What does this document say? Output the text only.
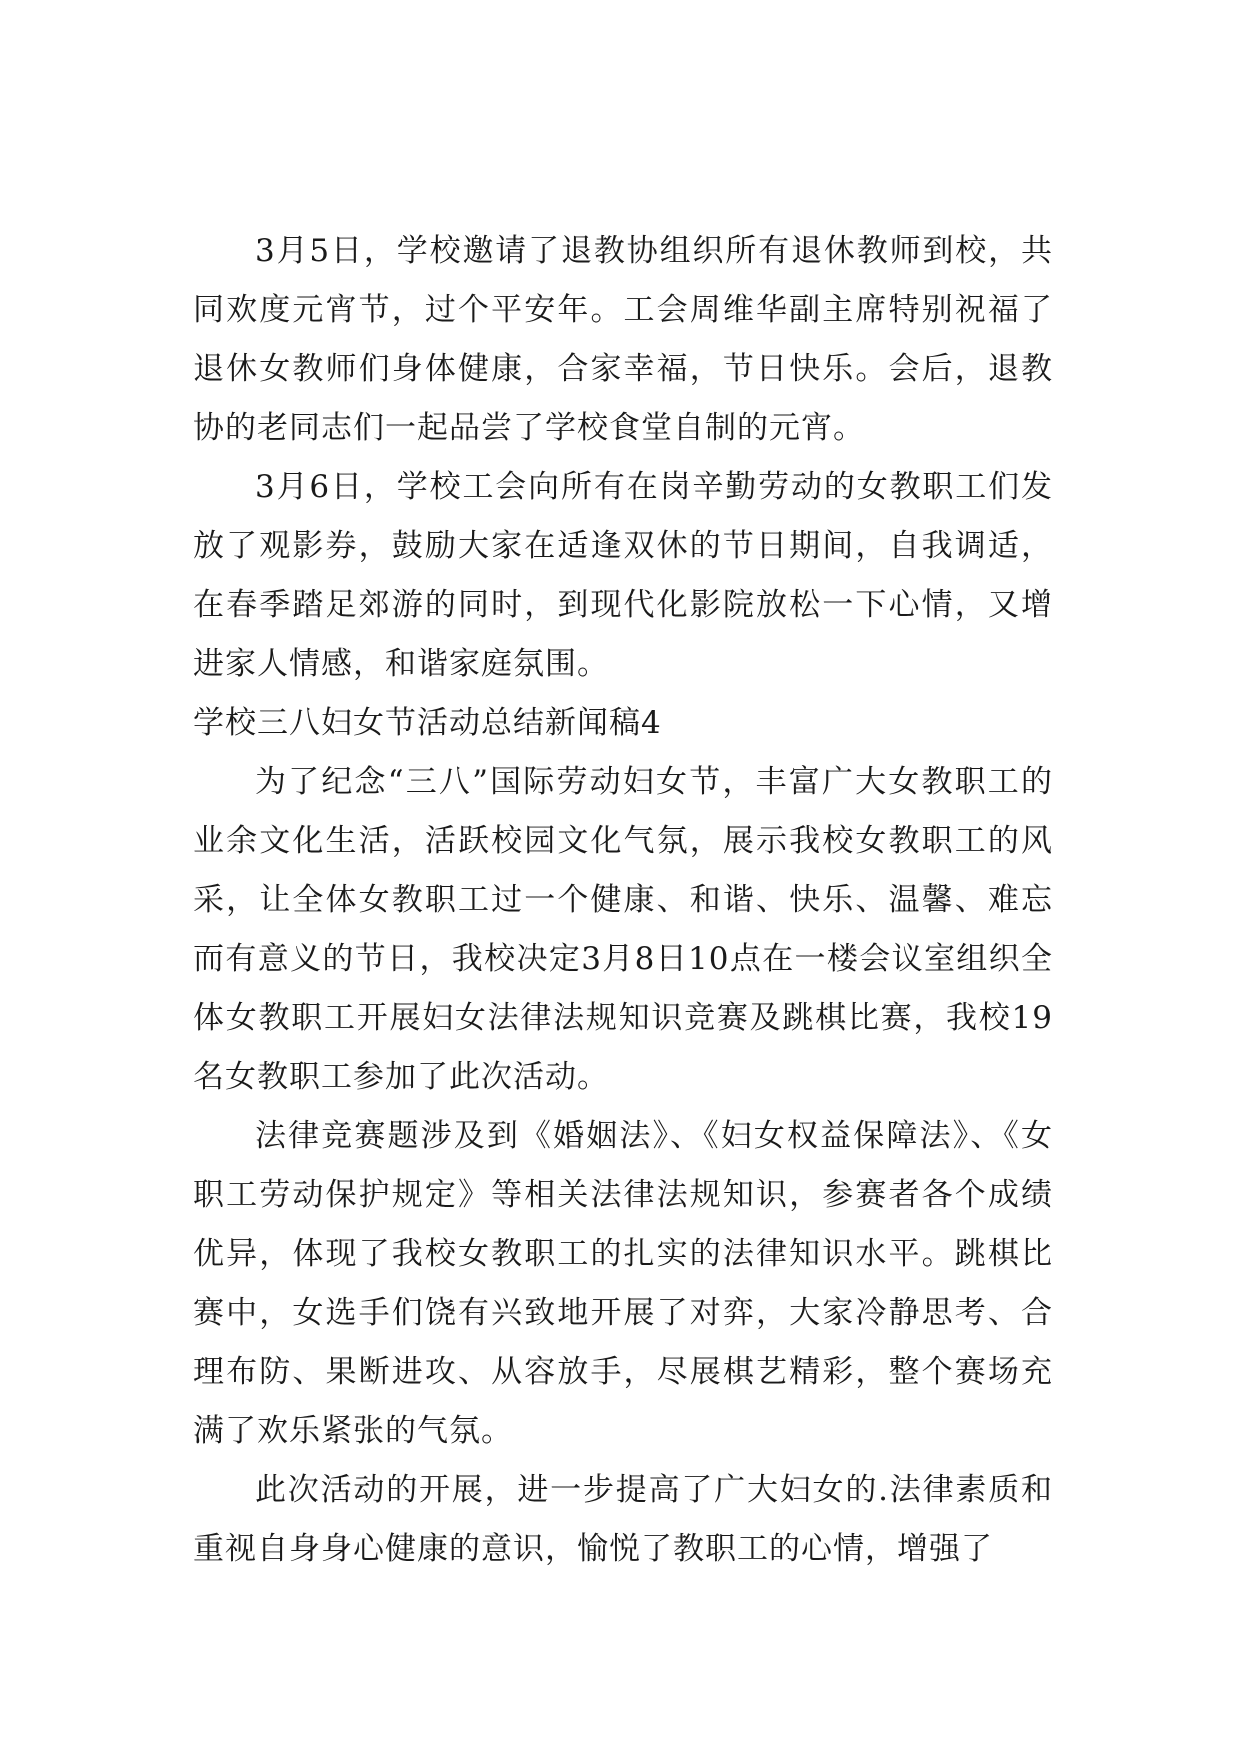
3月5日，学校邀请了退教协组织所有退休教师到校，共同欢度元宵节，过个平安年。工会周维华副主席特别祝福了退休女教师们身体健康，合家幸福，节日快乐。会后，退教协的老同志们一起品尝了学校食堂自制的元宵。

3月6日，学校工会向所有在岗辛勤劳动的女教职工们发放了观影券，鼓励大家在适逢双休的节日期间，自我调适，在春季踏足郊游的同时，到现代化影院放松一下心情，又增进家人情感，和谐家庭氛围。

学校三八妇女节活动总结新闻稿4

为了纪念“三八”国际劳动妇女节，丰富广大女教职工的业余文化生活，活跃校园文化气氛，展示我校女教职工的风采，让全体女教职工过一个健康、和谐、快乐、温馨、难忘而有意义的节日，我校决定3月8日10点在一楼会议室组织全体女教职工开展妇女法律法规知识竞赛及跳棋比赛，我校19名女教职工参加了此次活动。

法律竞赛题涉及到《婚姻法》、《妇女权益保障法》、《女职工劳动保护规定》等相关法律法规知识，参赛者各个成绩优异，体现了我校女教职工的扎实的法律知识水平。跳棋比赛中，女选手们饶有兴致地开展了对弈，大家冷静思考、合理布防、果断进攻、从容放手，尽展棋艺精彩，整个赛场充满了欢乐紧张的气氛。

此次活动的开展，进一步提高了广大妇女的.法律素质和重视自身身心健康的意识，愉悦了教职工的心情，增强了
